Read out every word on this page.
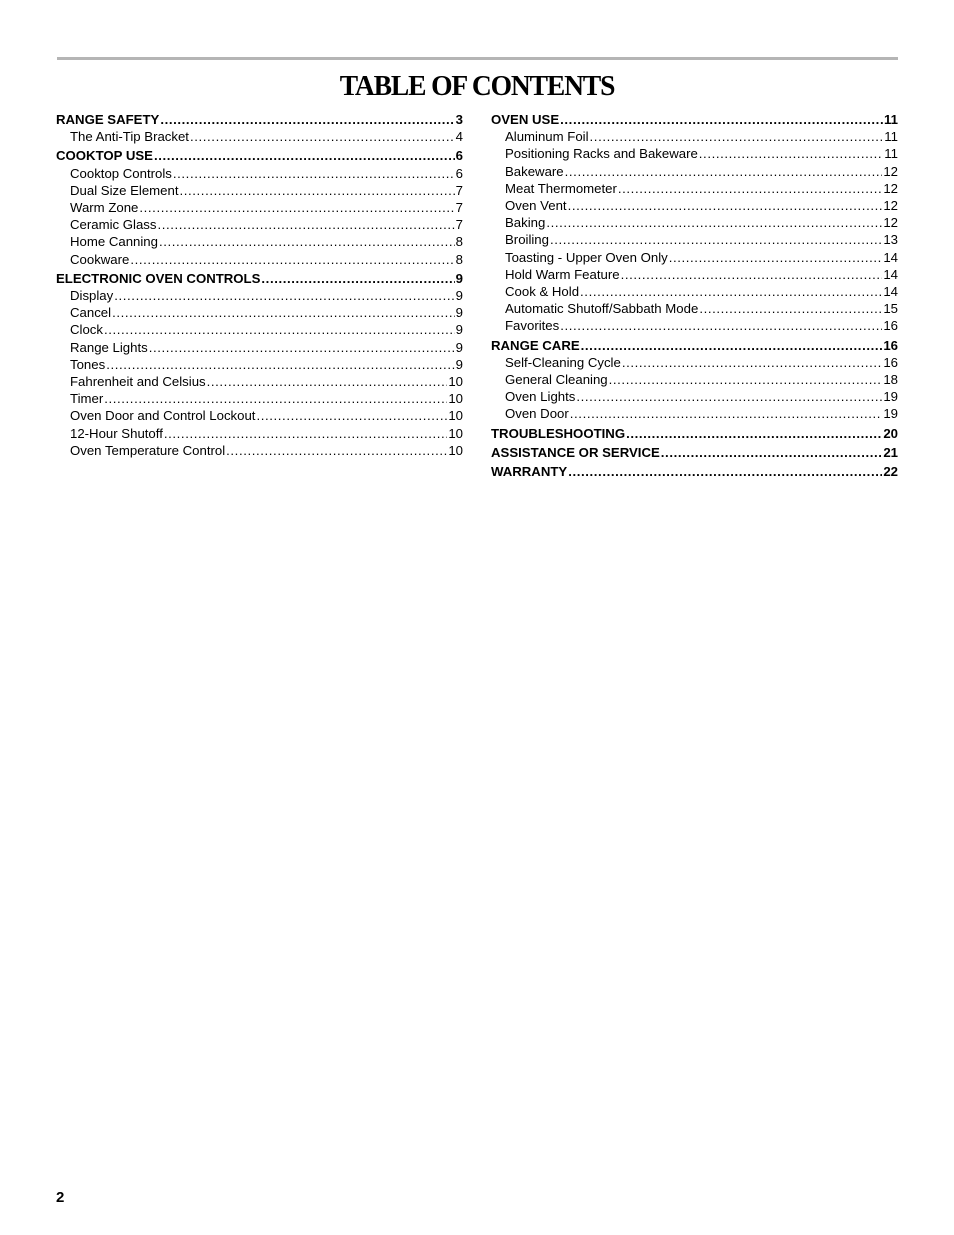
TABLE OF CONTENTS
RANGE SAFETY .....	3
The Anti-Tip Bracket .....	4
COOKTOP USE .....	6
Cooktop Controls .....	6
Dual Size Element .....	7
Warm Zone .....	7
Ceramic Glass .....	7
Home Canning .....	8
Cookware .....	8
ELECTRONIC OVEN CONTROLS .....	9
Display .....	9
Cancel .....	9
Clock .....	9
Range Lights .....	9
Tones .....	9
Fahrenheit and Celsius .....	10
Timer .....	10
Oven Door and Control Lockout .....	10
12-Hour Shutoff .....	10
Oven Temperature Control .....	10
OVEN USE .....	11
Aluminum Foil .....	11
Positioning Racks and Bakeware .....	11
Bakeware .....	12
Meat Thermometer .....	12
Oven Vent .....	12
Baking .....	12
Broiling .....	13
Toasting - Upper Oven Only .....	14
Hold Warm Feature .....	14
Cook & Hold .....	14
Automatic Shutoff/Sabbath Mode .....	15
Favorites .....	16
RANGE CARE .....	16
Self-Cleaning Cycle .....	16
General Cleaning .....	18
Oven Lights .....	19
Oven Door .....	19
TROUBLESHOOTING .....	20
ASSISTANCE OR SERVICE .....	21
WARRANTY .....	22
2
